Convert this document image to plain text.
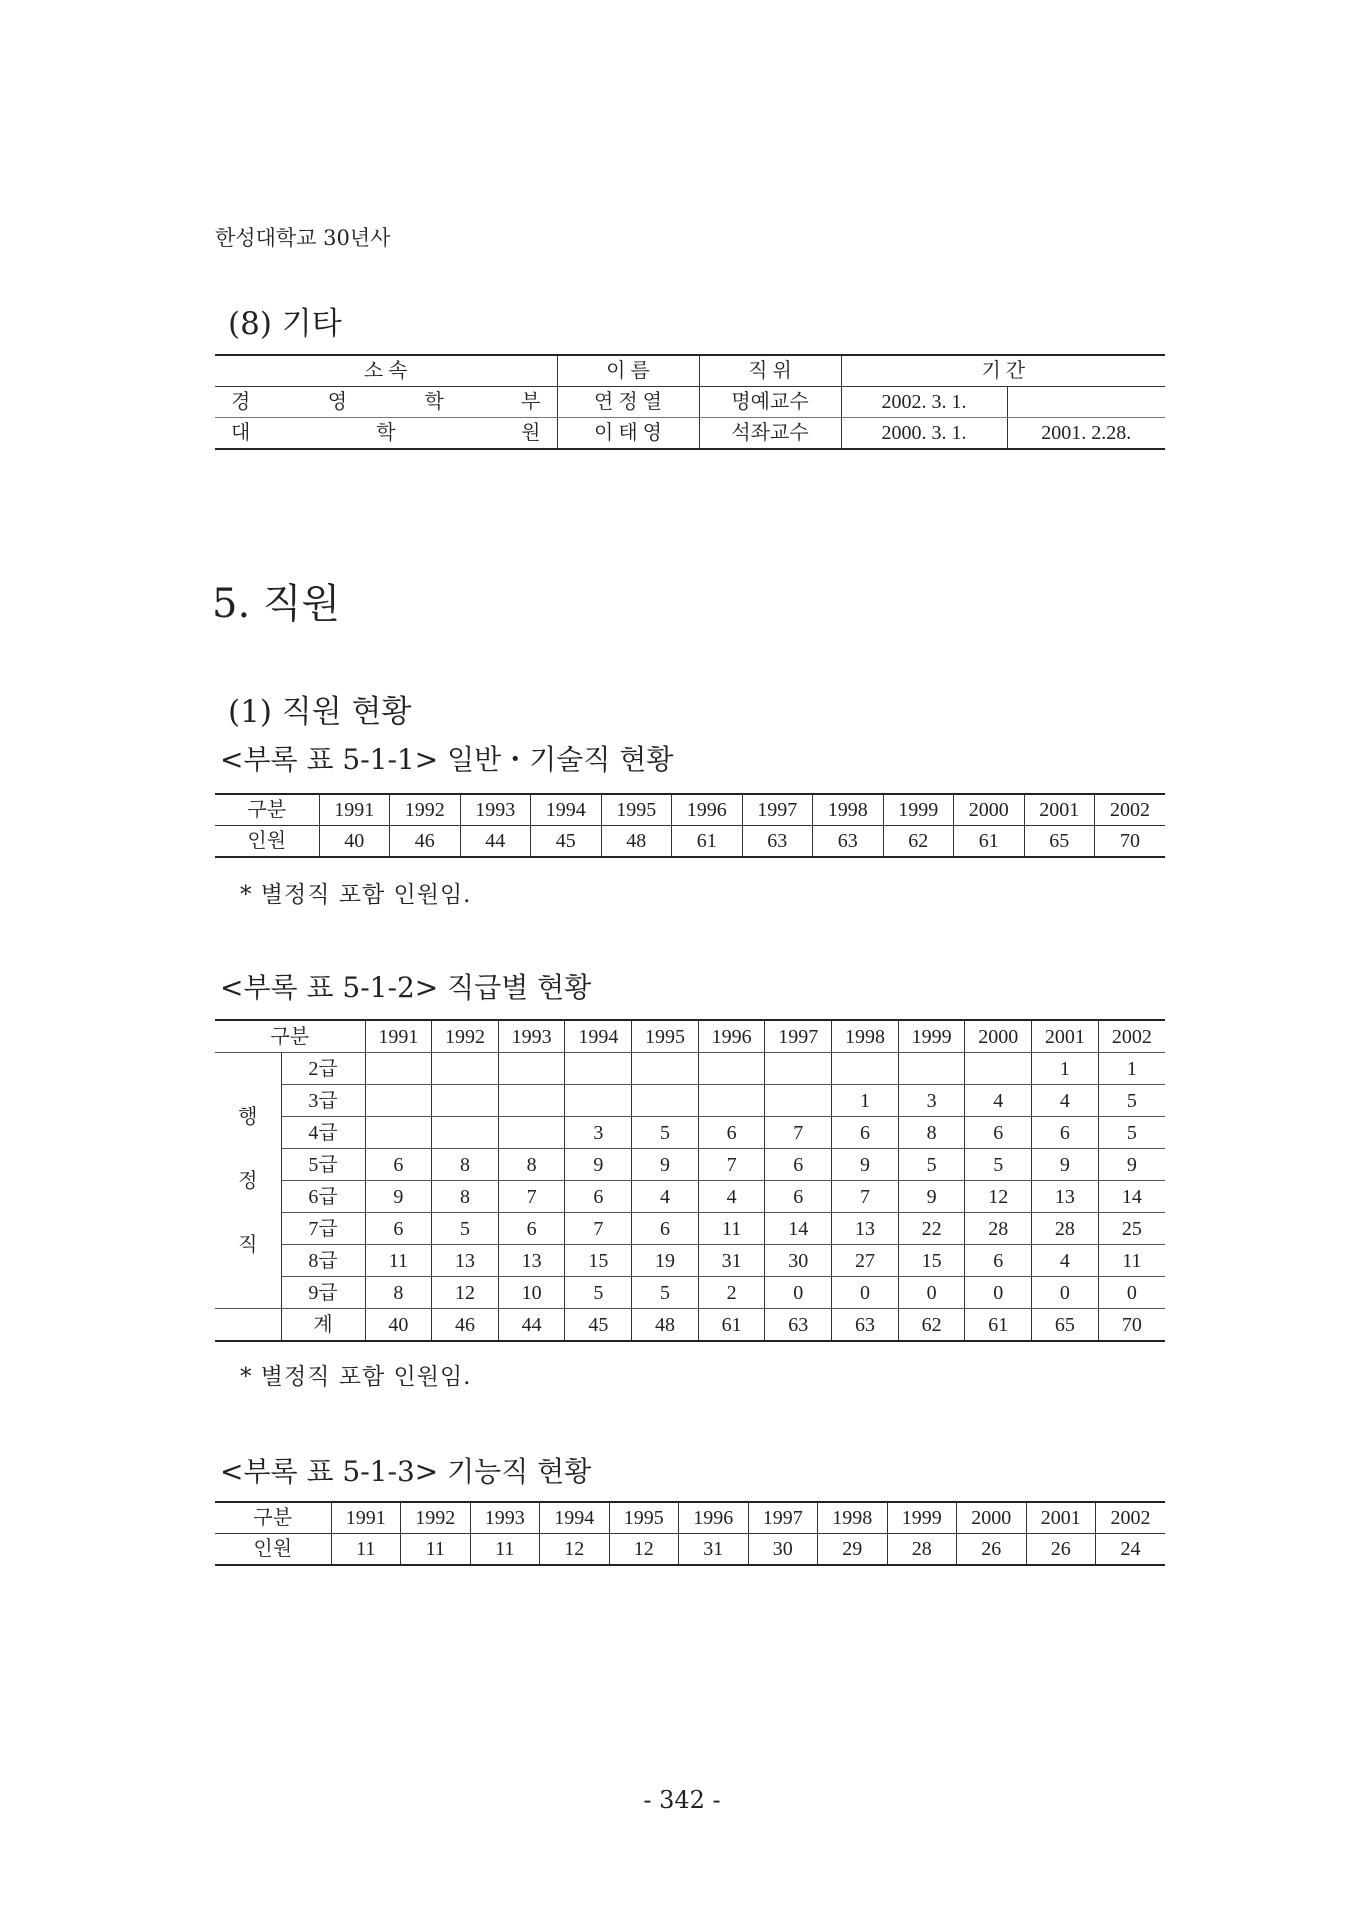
한성대학교 30년사
(8) 기타
소 속	이 름	직 위	기 간	

경 영 학 부	연 정 열	명예교수	2002. 3. 1.	

대 학 원	이 태 영	석좌교수	2000. 3. 1.	2001. 2.28.
5. 직원
(1) 직원 현황
<부록 표 5-1-1> 일반・기술직 현황
구분	1991	1992	1993	1994	1995	1996	1997	1998	1999	2000	2001	2002
인원	40	46	44	45	48	61	63	63	62	61	65	70
* 별정직 포함 인원임.
<부록 표 5-1-2> 직급별 현황
구분		1991	1992	1993	1994	1995	1996	1997	1998	1999	2000	2001	2002

행
정
직	2급											1	1
	3급								1	3	4	4	5
	4급				3	5	6	7	6	8	6	6	5
	5급	6	8	8	9	9	7	6	9	5	5	9	9
	6급	9	8	7	6	4	4	6	7	9	12	13	14
	7급	6	5	6	7	6	11	14	13	22	28	28	25
	8급	11	13	13	15	19	31	30	27	15	6	4	11
	9급	8	12	10	5	5	2	0	0	0	0	0	0
	계	40	46	44	45	48	61	63	63	62	61	65	70
* 별정직 포함 인원임.
<부록 표 5-1-3> 기능직 현황
구분	1991	1992	1993	1994	1995	1996	1997	1998	1999	2000	2001	2002
인원	11	11	11	12	12	31	30	29	28	26	26	24
- 342 -
